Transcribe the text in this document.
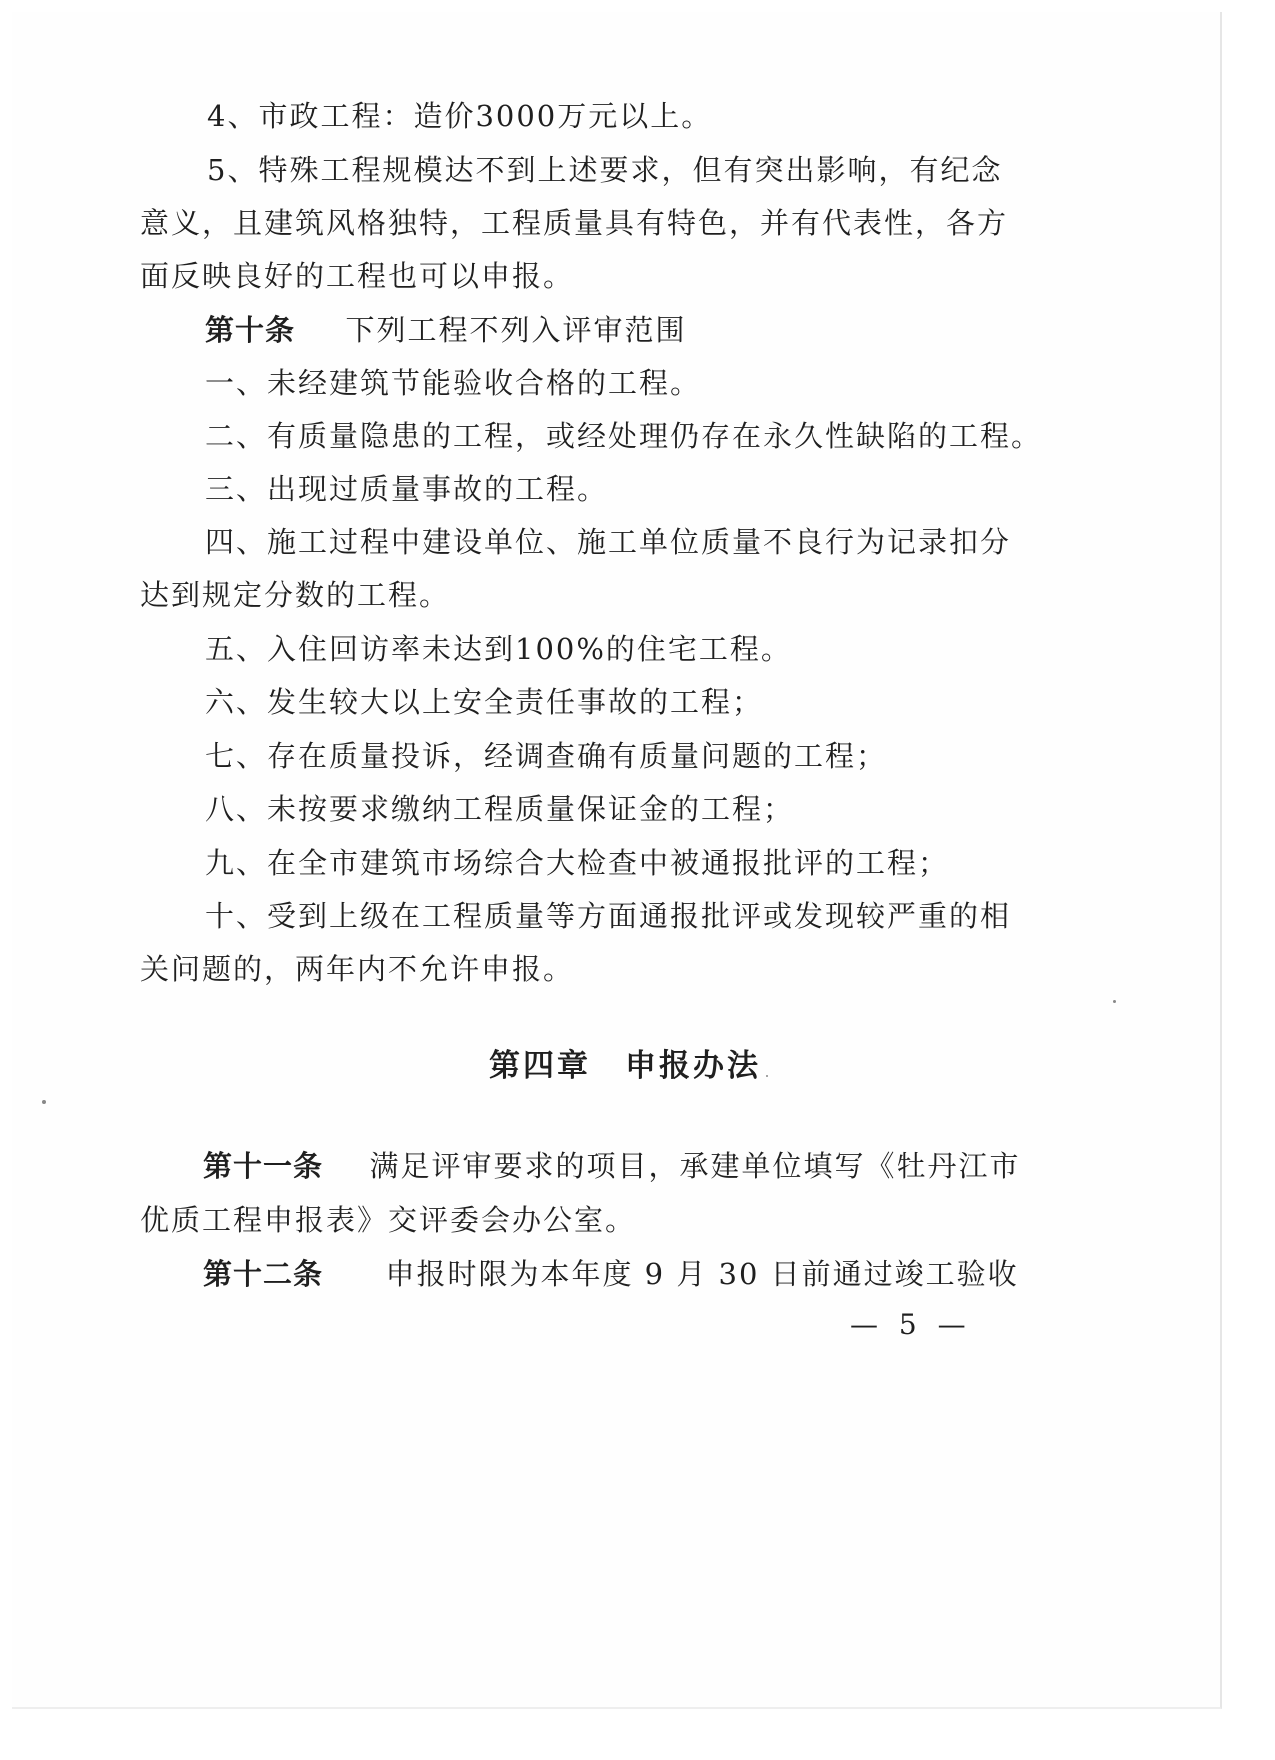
4、市政工程：造价3000万元以上。
5、特殊工程规模达不到上述要求，但有突出影响，有纪念
意义，且建筑风格独特，工程质量具有特色，并有代表性，各方
面反映良好的工程也可以申报。
第十条 下列工程不列入评审范围
一、未经建筑节能验收合格的工程。
二、有质量隐患的工程，或经处理仍存在永久性缺陷的工程。
三、出现过质量事故的工程。
四、施工过程中建设单位、施工单位质量不良行为记录扣分
达到规定分数的工程。
五、入住回访率未达到100%的住宅工程。
六、发生较大以上安全责任事故的工程；
七、存在质量投诉，经调查确有质量问题的工程；
八、未按要求缴纳工程质量保证金的工程；
九、在全市建筑市场综合大检查中被通报批评的工程；
十、受到上级在工程质量等方面通报批评或发现较严重的相
关问题的，两年内不允许申报。
第四章　申报办法
第十一条 满足评审要求的项目，承建单位填写《牡丹江市
优质工程申报表》交评委会办公室。
第十二条 申报时限为本年度 9 月 30 日前通过竣工验收
— 5 —
